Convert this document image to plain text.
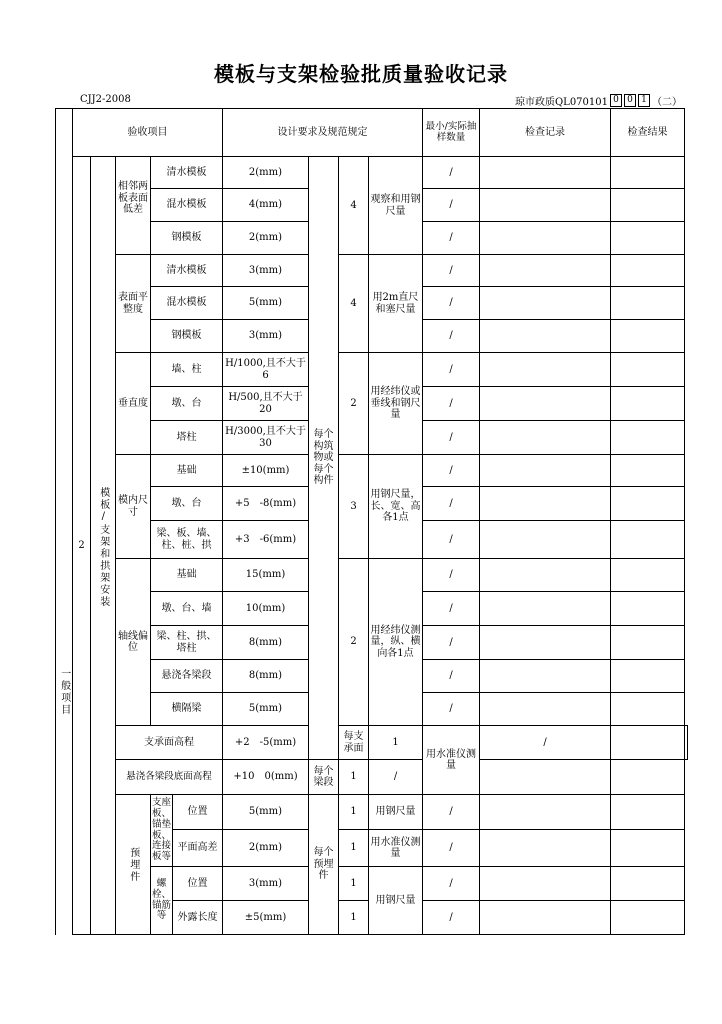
模板与支架检验批质量验收记录
CJJ2-2008	琼市政质QL070101 0 0 1 （二）
一般项目	验收项目					设计要求及规范规定				最小/实际抽样数量	检查记录	检查结果	
	2	模板/支架和拱架安装	相邻两板表面低差	清水模板		2(mm)	每个构筑物或每个构件	4	观察和用钢尺量	/			
				混水模板		4(mm)				/			
				钢模板		2(mm)				/			
			表面平整度	清水模板		3(mm)		4	用2m直尺和塞尺量	/			
				混水模板		5(mm)				/			
				钢模板		3(mm)				/			
			垂直度	墙、柱		H/1000,且不大于6		2	用经纬仪或垂线和钢尺量	/			
				墩、台		H/500,且不大于20				/			
				塔柱		H/3000,且不大于30				/			
			模内尺寸	基础		±10(mm)		3	用钢尺量，长、宽、高各1点	/			
				墩、台		+5　-8(mm)				/			
				梁、板、墙、柱、桩、拱		+3　-6(mm)				/			
			轴线偏位	基础		15(mm)		2	用经纬仪测量，纵、横向各1点	/			
				墩、台、墙		10(mm)				/			
				梁、柱、拱、塔柱		8(mm)				/			
				悬浇各梁段		8(mm)				/			
				横隔梁		5(mm)				/			
			支承面高程			+2　-5(mm)		每支承面	1	用水准仪测量	/		
			悬浇各梁段底面高程			+10　0(mm)	每个梁段	1	/				

			预埋件	支座板、锚垫板、连接板等	位置	5(mm)	每个预埋件	1	用钢尺量	/			
					平面高差	2(mm)		1	用水准仪测量	/			
				螺栓、锚筋等	位置	3(mm)		1	用钢尺量	/			
					外露长度	±5(mm)		1		/			
